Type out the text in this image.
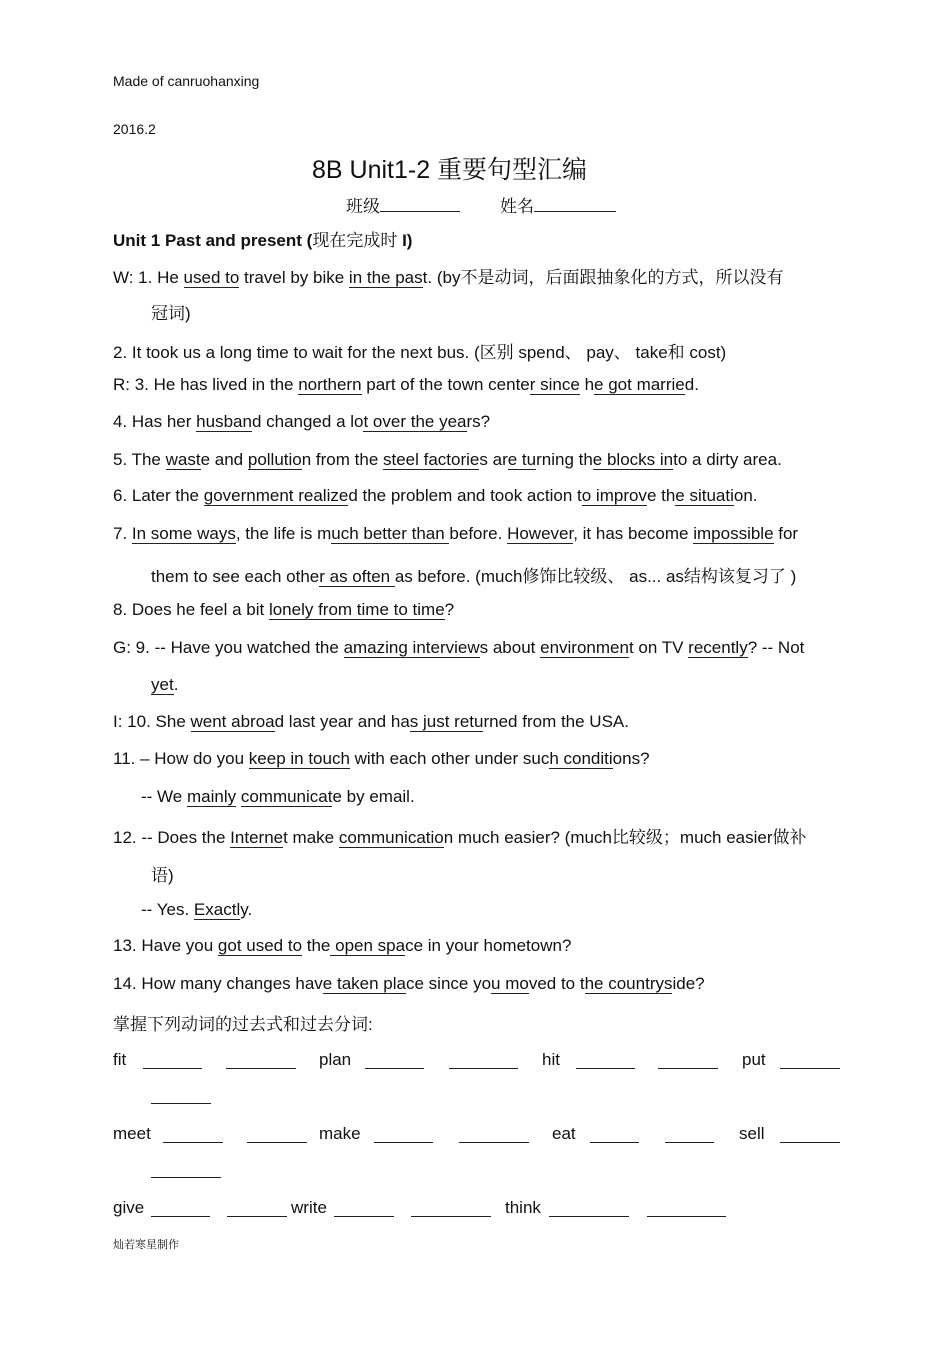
Made of canruohanxing
2016.2
8B Unit1-2 重要句型汇编
班级	姓名
Unit 1 Past and present (现在完成时 I)
W: 1. He used to travel by bike in the past. (by不是动词，后面跟抽象化的方式，所以没有
冠词)
2. It took us a long time to wait for the next bus. (区别 spend、 pay、 take和 cost)
R: 3. He has lived in the northern part of the town center since he got married.
4. Has her husband changed a lot over the years?
5. The waste and pollution from the steel factories are turning the blocks into a dirty area.
6. Later the government realized the problem and took action to improve the situation.
7. In some ways, the life is much better than before. However, it has become impossible for
them to see each other as often as before. (much修饰比较级、 as... as结构该复习了 )
8. Does he feel a bit lonely from time to time?
G: 9. -- Have you watched the amazing interviews about environment on TV recently? -- Not
yet.
I: 10. She went abroad last year and has just returned from the USA.
11. – How do you keep in touch with each other under such conditions?
-- We mainly communicate by email.
12. -- Does the Internet make communication much easier? (much比较级；much easier做补
语)
-- Yes. Exactly.
13. Have you got used to the open space in your hometown?
14. How many changes have taken place since you moved to the countryside?
掌握下列动词的过去式和过去分词:
fit	plan	hit	put
meet	make	eat	sell
give	write	think
灿若寒星制作
